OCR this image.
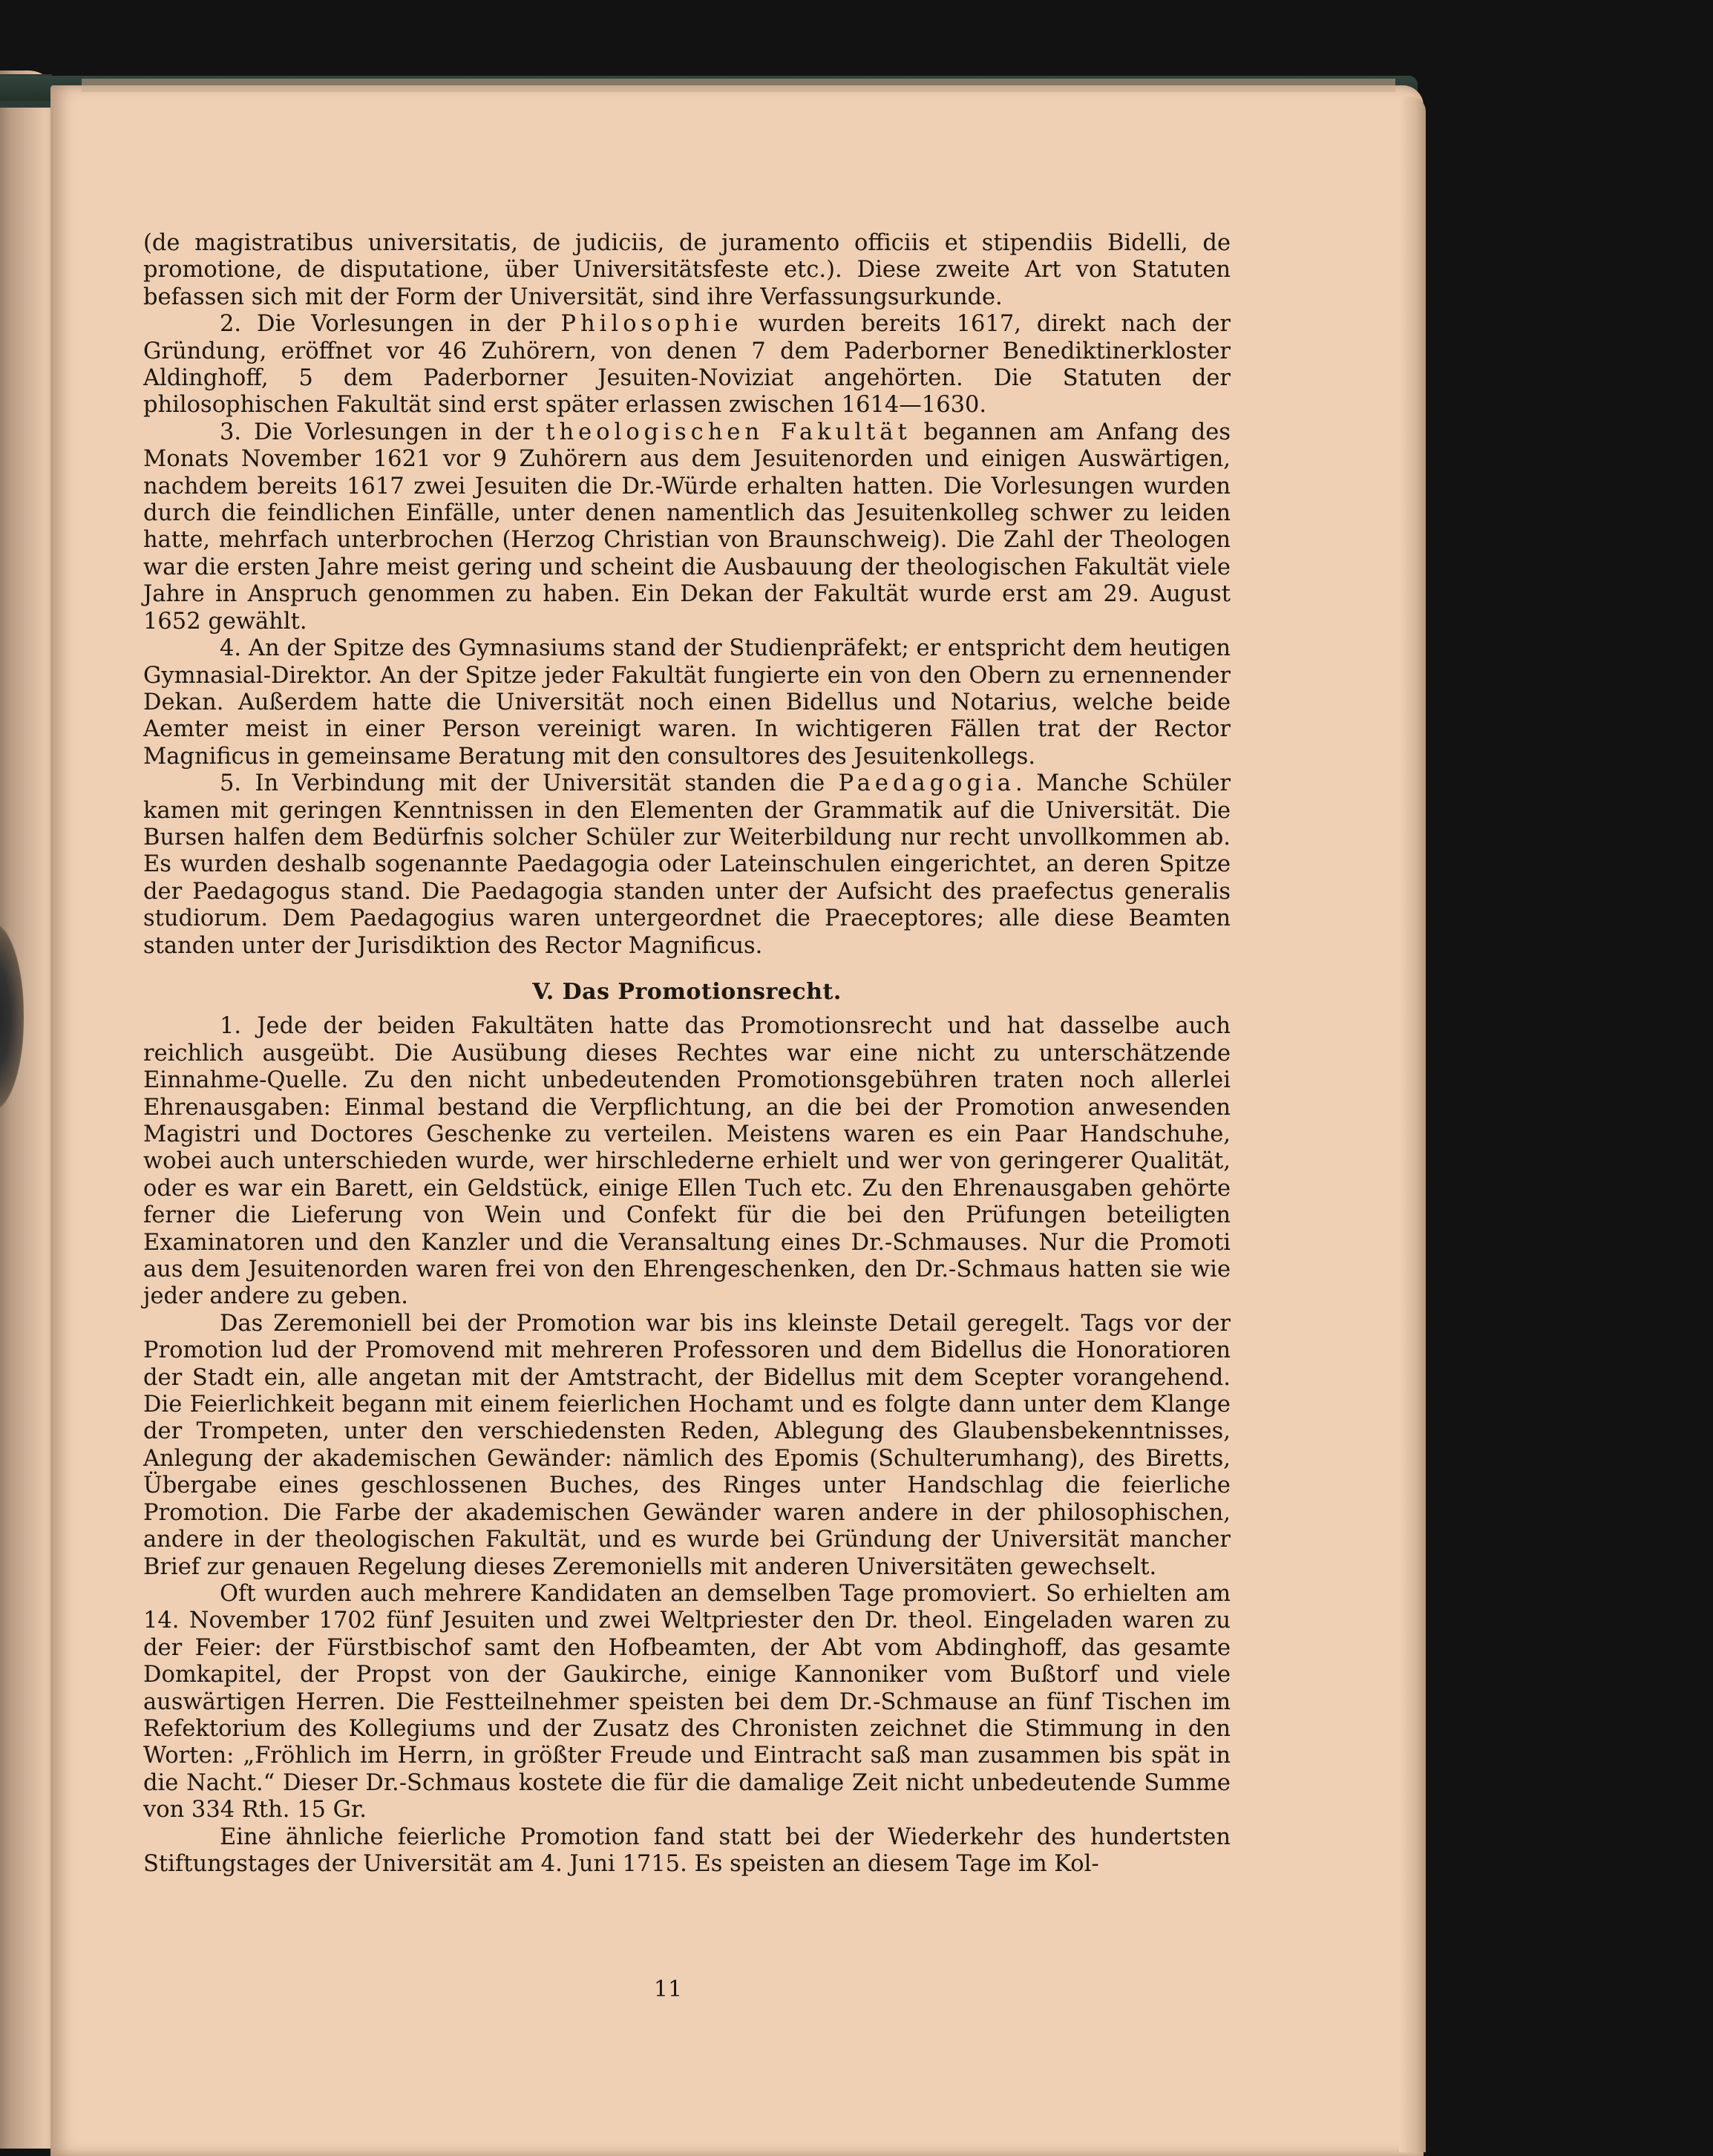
(de magistratibus universitatis, de judiciis, de juramento officiis et stipendiis Bidelli, de promotione, de disputatione, über Universitätsfeste etc.). Diese zweite Art von Statuten befassen sich mit der Form der Universität, sind ihre Verfassungsurkunde.

2. Die Vorlesungen in der Philosophie wurden bereits 1617, direkt nach der Gründung, eröffnet vor 46 Zuhörern, von denen 7 dem Paderborner Benediktinerkloster Aldinghoff, 5 dem Paderborner Jesuiten-Noviziat angehörten. Die Statuten der philosophischen Fakultät sind erst später erlassen zwischen 1614—1630.

3. Die Vorlesungen in der theologischen Fakultät begannen am Anfang des Monats November 1621 vor 9 Zuhörern aus dem Jesuitenorden und einigen Auswärtigen, nachdem bereits 1617 zwei Jesuiten die Dr.-Würde erhalten hatten. Die Vorlesungen wurden durch die feindlichen Einfälle, unter denen namentlich das Jesuitenkolleg schwer zu leiden hatte, mehrfach unterbrochen (Herzog Christian von Braunschweig). Die Zahl der Theologen war die ersten Jahre meist gering und scheint die Ausbauung der theologischen Fakultät viele Jahre in Anspruch genommen zu haben. Ein Dekan der Fakultät wurde erst am 29. August 1652 gewählt.

4. An der Spitze des Gymnasiums stand der Studienpräfekt; er entspricht dem heutigen Gymnasial-Direktor. An der Spitze jeder Fakultät fungierte ein von den Obern zu ernennender Dekan. Außerdem hatte die Universität noch einen Bidellus und Notarius, welche beide Aemter meist in einer Person vereinigt waren. In wichtigeren Fällen trat der Rector Magnificus in gemeinsame Beratung mit den consultores des Jesuitenkollegs.

5. In Verbindung mit der Universität standen die Paedagogia. Manche Schüler kamen mit geringen Kenntnissen in den Elementen der Grammatik auf die Universität. Die Bursen halfen dem Bedürfnis solcher Schüler zur Weiterbildung nur recht unvollkommen ab. Es wurden deshalb sogenannte Paedagogia oder Lateinschulen eingerichtet, an deren Spitze der Paedagogus stand. Die Paedagogia standen unter der Aufsicht des praefectus generalis studiorum. Dem Paedagogius waren untergeordnet die Praeceptores; alle diese Beamten standen unter der Jurisdiktion des Rector Magnificus.

V. Das Promotionsrecht.

1. Jede der beiden Fakultäten hatte das Promotionsrecht und hat dasselbe auch reichlich ausgeübt. Die Ausübung dieses Rechtes war eine nicht zu unterschätzende Einnahme-Quelle. Zu den nicht unbedeutenden Promotionsgebühren traten noch allerlei Ehrenausgaben: Einmal bestand die Verpflichtung, an die bei der Promotion anwesenden Magistri und Doctores Geschenke zu verteilen. Meistens waren es ein Paar Handschuhe, wobei auch unterschieden wurde, wer hirschlederne erhielt und wer von geringerer Qualität, oder es war ein Barett, ein Geldstück, einige Ellen Tuch etc. Zu den Ehrenausgaben gehörte ferner die Lieferung von Wein und Confekt für die bei den Prüfungen beteiligten Examinatoren und den Kanzler und die Veransaltung eines Dr.-Schmauses. Nur die Promoti aus dem Jesuitenorden waren frei von den Ehrengeschenken, den Dr.-Schmaus hatten sie wie jeder andere zu geben.

Das Zeremoniell bei der Promotion war bis ins kleinste Detail geregelt. Tags vor der Promotion lud der Promovend mit mehreren Professoren und dem Bidellus die Honoratioren der Stadt ein, alle angetan mit der Amtstracht, der Bidellus mit dem Scepter vorangehend. Die Feierlichkeit begann mit einem feierlichen Hochamt und es folgte dann unter dem Klange der Trompeten, unter den verschiedensten Reden, Ablegung des Glaubensbekenntnisses, Anlegung der akademischen Gewänder: nämlich des Epomis (Schulterumhang), des Biretts, Übergabe eines geschlossenen Buches, des Ringes unter Handschlag die feierliche Promotion. Die Farbe der akademischen Gewänder waren andere in der philosophischen, andere in der theologischen Fakultät, und es wurde bei Gründung der Universität mancher Brief zur genauen Regelung dieses Zeremoniells mit anderen Universitäten gewechselt.

Oft wurden auch mehrere Kandidaten an demselben Tage promoviert. So erhielten am 14. November 1702 fünf Jesuiten und zwei Weltpriester den Dr. theol. Eingeladen waren zu der Feier: der Fürstbischof samt den Hofbeamten, der Abt vom Abdinghoff, das gesamte Domkapitel, der Propst von der Gaukirche, einige Kannoniker vom Bußtorf und viele auswärtigen Herren. Die Festteilnehmer speisten bei dem Dr.-Schmause an fünf Tischen im Refektorium des Kollegiums und der Zusatz des Chronisten zeichnet die Stimmung in den Worten: „Fröhlich im Herrn, in größter Freude und Eintracht saß man zusammen bis spät in die Nacht.“ Dieser Dr.-Schmaus kostete die für die damalige Zeit nicht unbedeutende Summe von 334 Rth. 15 Gr.

Eine ähnliche feierliche Promotion fand statt bei der Wiederkehr des hundertsten Stiftungstages der Universität am 4. Juni 1715. Es speisten an diesem Tage im Kol-

11
